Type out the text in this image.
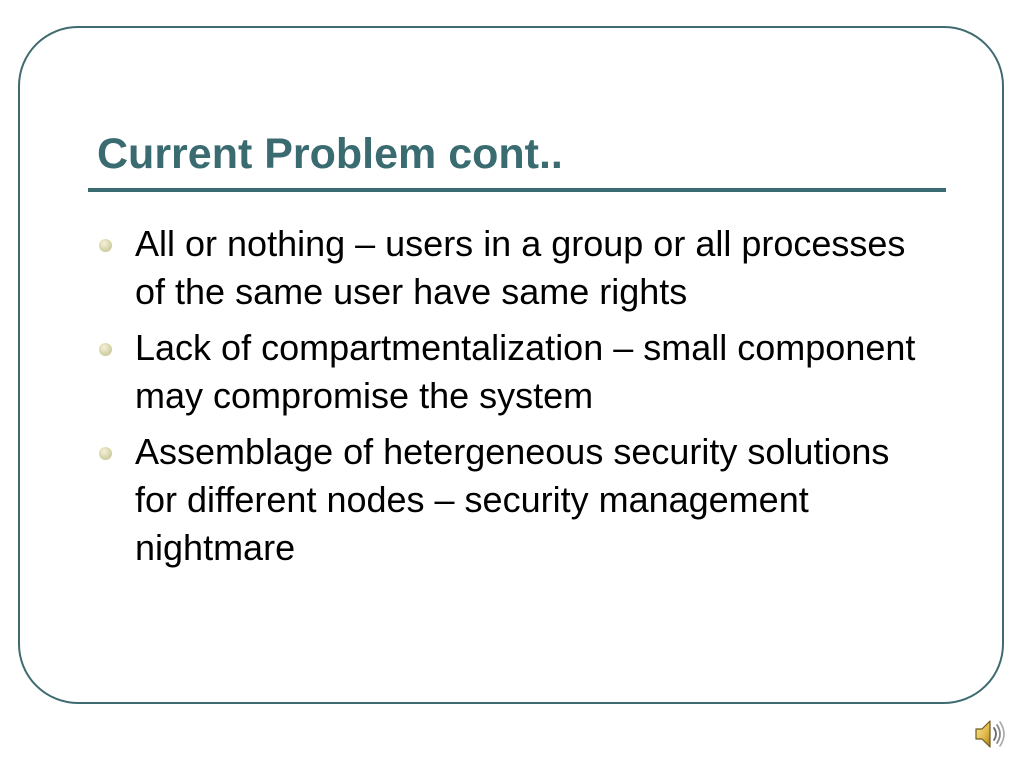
Current Problem cont..
All or nothing – users in a group or all processes of the same user have same rights
Lack of compartmentalization – small component may compromise the system
Assemblage of hetergeneous security solutions for different nodes – security management nightmare
